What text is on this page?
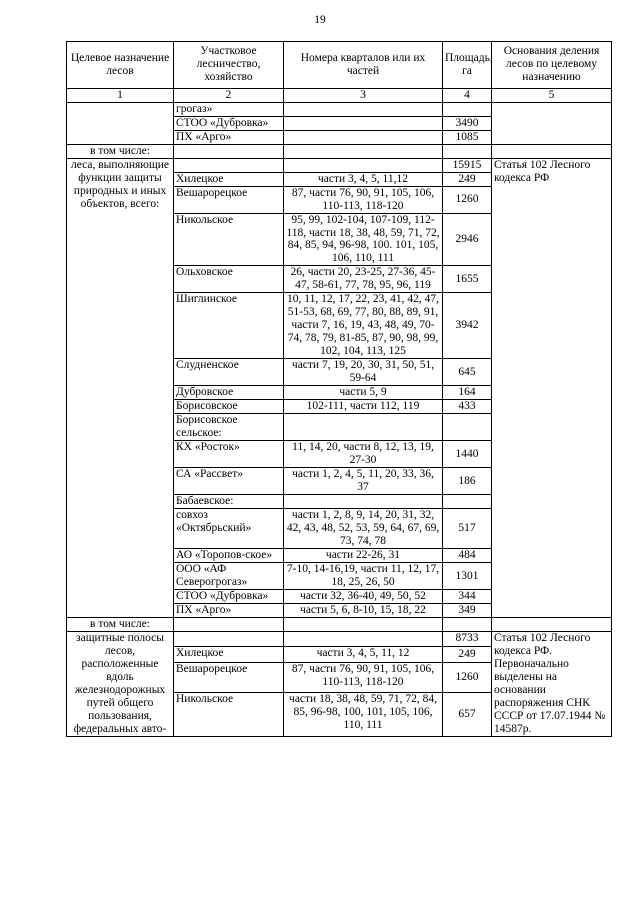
19
Целевое назначение лесов	Участковое лесничество, хозяйство	Номера кварталов или их частей	Площадь, га	Основания деления лесов по целевому назначению
1	2	3	4	5
	грогаз»			
	СТОО «Дубровка»		3490	
	ПХ «Арго»		1085	
в том числе:				
леса, выполняющие функции защиты природных и иных объектов, всего:			15915	Статья 102 Лесного кодекса РФ
	Хилецкое	части 3, 4, 5, 11,12	249	
	Вешарорецкое	87, части 76, 90, 91, 105, 106, 110-113, 118-120	1260	
	Никольское	95, 99, 102-104, 107-109, 112-118, части 18, 38, 48, 59, 71, 72, 84, 85, 94, 96-98, 100. 101, 105, 106, 110, 111	2946	
	Ольховское	26, части 20, 23-25, 27-36, 45-47, 58-61, 77, 78, 95, 96, 119	1655	
	Шиглинское	10, 11, 12, 17, 22, 23, 41, 42, 47, 51-53, 68, 69, 77, 80, 88, 89, 91, части 7, 16, 19, 43, 48, 49, 70-74, 78, 79, 81-85, 87, 90, 98, 99, 102, 104, 113, 125	3942	
	Слудненское	части 7, 19, 20, 30, 31, 50, 51, 59-64	645	
	Дубровское	части 5, 9	164	
	Борисовское	102-111, части 112, 119	433	
	Борисовское сельское:			
	КХ «Росток»	11, 14, 20, части 8, 12, 13, 19, 27-30	1440	
	СА «Рассвет»	части 1, 2, 4, 5, 11, 20, 33, 36, 37	186	
	Бабаевское:			
	совхоз «Октябрьский»	части 1, 2, 8, 9, 14, 20, 31, 32, 42, 43, 48, 52, 53, 59, 64, 67, 69, 73, 74, 78	517	
	АО «Торопов-ское»	части 22-26, 31	484	
	ООО «АФ Северогрогаз»	7-10, 14-16,19, части 11, 12, 17, 18, 25, 26, 50	1301	
	СТОО «Дубровка»	части 32, 36-40, 49, 50, 52	344	
	ПХ «Арго»	части 5, 6, 8-10, 15, 18, 22	349	
в том числе:				
защитные полосы лесов, расположенные вдоль железнодорожных путей общего пользования, федеральных авто-			8733	Статья 102 Лесного кодекса РФ. Первоначально выделены на основании распоряжения СНК СССР от 17.07.1944 № 14587р.
	Хилецкое	части 3, 4, 5, 11, 12	249	
	Вешарорецкое	87, части 76, 90, 91, 105, 106, 110-113, 118-120	1260	
	Никольское	части 18, 38, 48, 59, 71, 72, 84, 85, 96-98, 100, 101, 105, 106, 110, 111	657	
